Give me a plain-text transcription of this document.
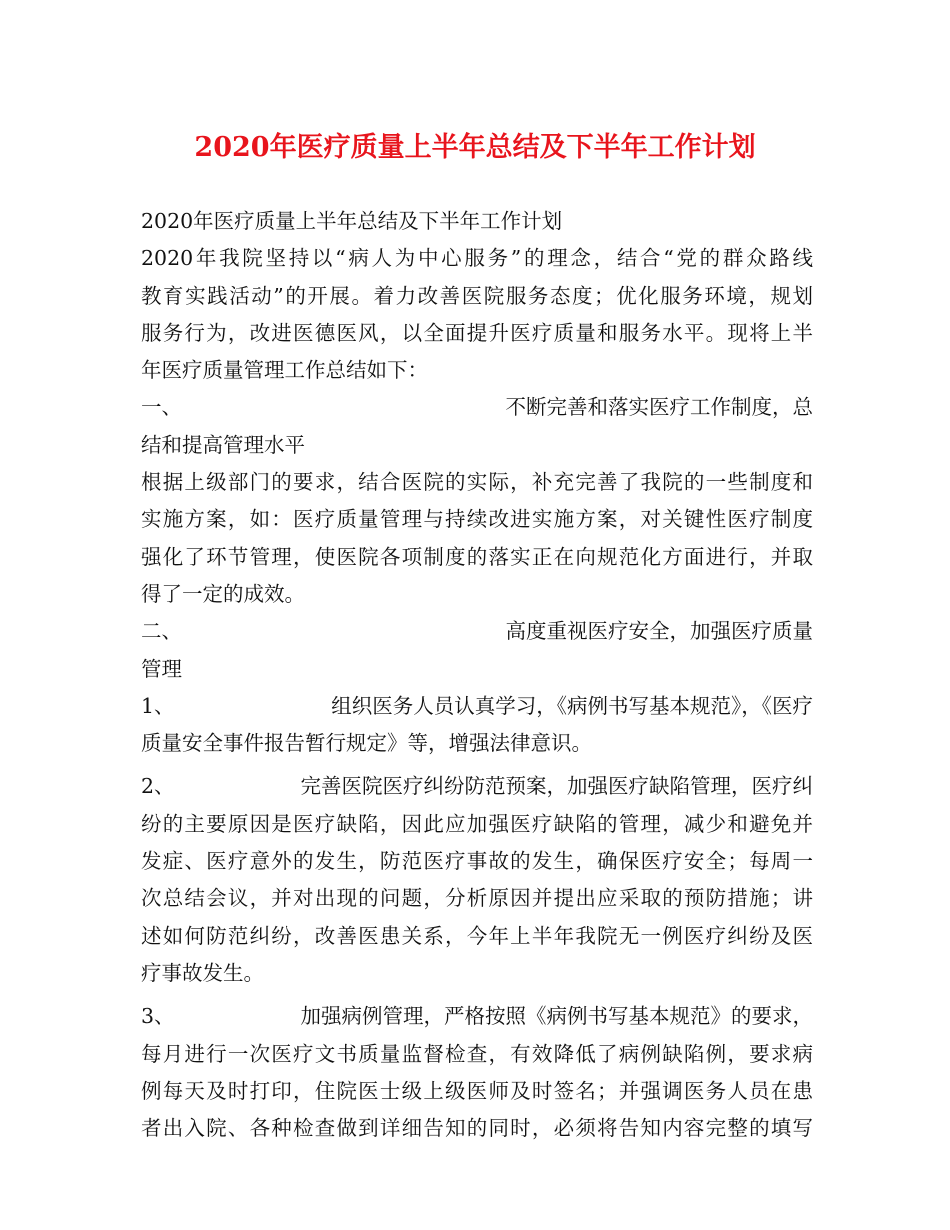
2020年医疗质量上半年总结及下半年工作计划
2020年医疗质量上半年总结及下半年工作计划
2020年我院坚持以“病人为中心服务”的理念，结合“党的群众路线
教育实践活动”的开展。着力改善医院服务态度；优化服务环境，规划
服务行为，改进医德医风，以全面提升医疗质量和服务水平。现将上半
年医疗质量管理工作总结如下：
一、	不断完善和落实医疗工作制度，总
结和提高管理水平
根据上级部门的要求，结合医院的实际，补充完善了我院的一些制度和
实施方案，如：医疗质量管理与持续改进实施方案，对关键性医疗制度
强化了环节管理，使医院各项制度的落实正在向规范化方面进行，并取
得了一定的成效。
二、	高度重视医疗安全，加强医疗质量
管理
1、	组织医务人员认真学习，《病例书写基本规范》，《医疗
质量安全事件报告暂行规定》等，增强法律意识。
2、	完善医院医疗纠纷防范预案，加强医疗缺陷管理，医疗纠
纷的主要原因是医疗缺陷，因此应加强医疗缺陷的管理，减少和避免并
发症、医疗意外的发生，防范医疗事故的发生，确保医疗安全；每周一
次总结会议，并对出现的问题，分析原因并提出应采取的预防措施；讲
述如何防范纠纷，改善医患关系，今年上半年我院无一例医疗纠纷及医
疗事故发生。
3、	加强病例管理，严格按照《病例书写基本规范》的要求，
每月进行一次医疗文书质量监督检查，有效降低了病例缺陷例，要求病
例每天及时打印，住院医士级上级医师及时签名；并强调医务人员在患
者出入院、各种检查做到详细告知的同时，必须将告知内容完整的填写
